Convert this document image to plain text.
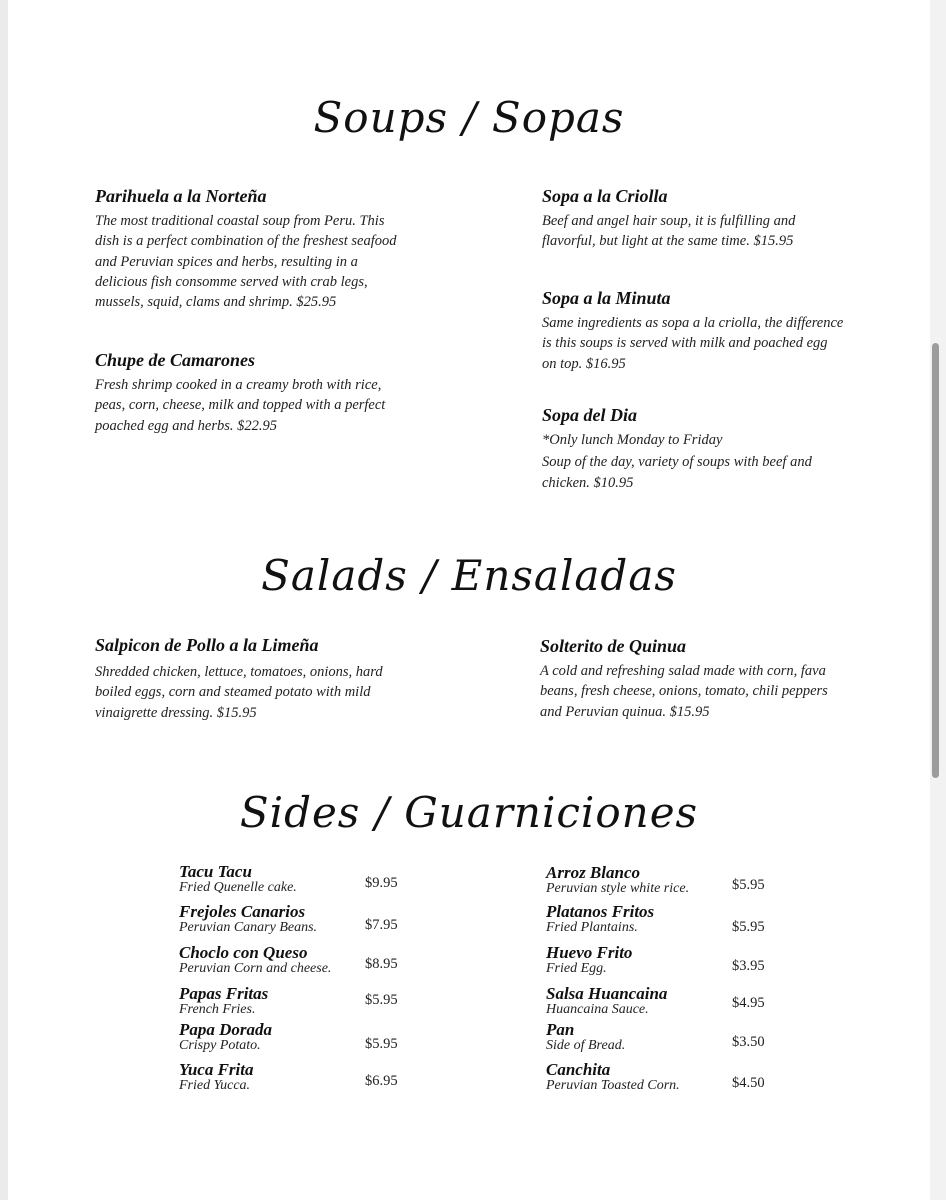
Soups / Sopas
Parihuela a la Norteña
The most traditional coastal soup from Peru. This
dish is a perfect combination of the freshest seafood
and Peruvian spices and herbs, resulting in a
delicious fish consomme served with crab legs,
mussels, squid, clams and shrimp. $25.95
Chupe de Camarones
Fresh shrimp cooked in a creamy broth with rice,
peas, corn, cheese, milk and topped with a perfect
poached egg and herbs. $22.95
Sopa a la Criolla
Beef and angel hair soup, it is fulfilling and
flavorful, but light at the same time. $15.95
Sopa a la Minuta
Same ingredients as sopa a la criolla, the difference
is this soups is served with milk and poached egg
on top. $16.95
Sopa del Dia
*Only lunch Monday to Friday
Soup of the day, variety of soups with beef and
chicken. $10.95
Salads / Ensaladas
Salpicon de Pollo a la Limeña
Shredded chicken, lettuce, tomatoes, onions, hard
boiled eggs, corn and steamed potato with mild
vinaigrette dressing. $15.95
Solterito de Quinua
A cold and refreshing salad made with corn, fava
beans, fresh cheese, onions, tomato, chili peppers
and Peruvian quinua. $15.95
Sides / Guarniciones
Tacu Tacu
Fried Quenelle cake.	$9.95
Frejoles Canarios
Peruvian Canary Beans.	$7.95
Choclo con Queso
Peruvian Corn and cheese.	$8.95
Papas Fritas
French Fries.
$5.95
Papa Dorada
Crispy Potato.	$5.95
Yuca Frita
Fried Yucca.	$6.95
Arroz Blanco
Peruvian style white rice.	$5.95
Platanos Fritos
Fried Plantains.	$5.95
Huevo Frito
Fried Egg.	$3.95
Salsa Huancaina
Huancaina Sauce.	$4.95
Pan
Side of Bread.	$3.50
Canchita
Peruvian Toasted Corn.	$4.50
